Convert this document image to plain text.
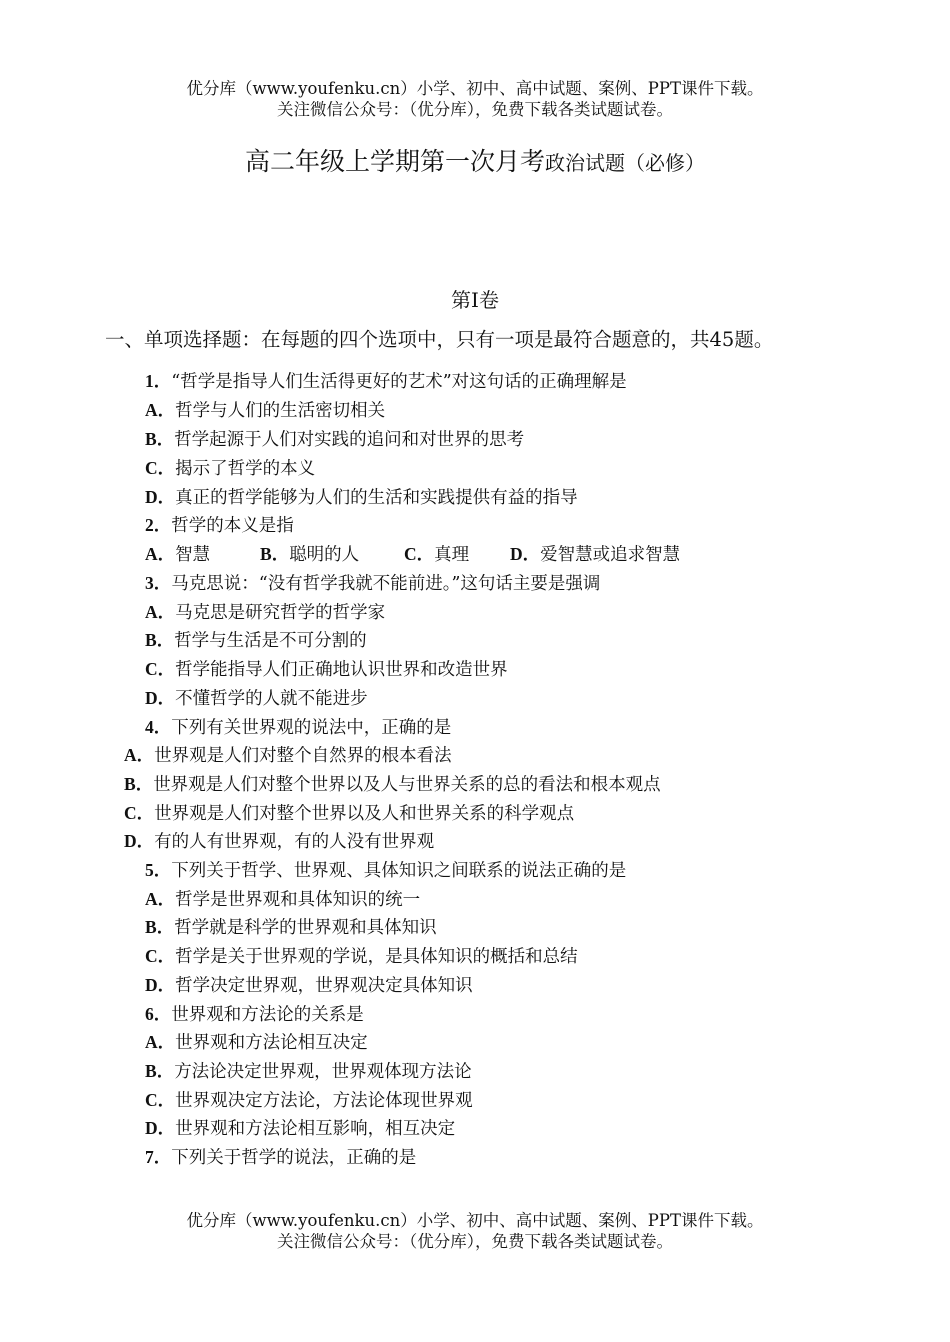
优分库（www.youfenku.cn）小学、初中、高中试题、案例、PPT课件下载。
关注微信公众号：（优分库），免费下载各类试题试卷。
高二年级上学期第一次月考政治试题（必修）
第Ⅰ卷
一、单项选择题：在每题的四个选项中，只有一项是最符合题意的，共45题。
1．“哲学是指导人们生活得更好的艺术”对这句话的正确理解是
A．哲学与人们的生活密切相关
B．哲学起源于人们对实践的追问和对世界的思考
C．揭示了哲学的本义
D．真正的哲学能够为人们的生活和实践提供有益的指导
2．哲学的本义是指
A．智慧	B．聪明的人	C．真理 D．爱智慧或追求智慧
3．马克思说：“没有哲学我就不能前进。”这句话主要是强调
A．马克思是研究哲学的哲学家
B．哲学与生活是不可分割的
C．哲学能指导人们正确地认识世界和改造世界
D．不懂哲学的人就不能进步
4．下列有关世界观的说法中，正确的是
A．世界观是人们对整个自然界的根本看法
B．世界观是人们对整个世界以及人与世界关系的总的看法和根本观点
C．世界观是人们对整个世界以及人和世界关系的科学观点
D．有的人有世界观，有的人没有世界观
5．下列关于哲学、世界观、具体知识之间联系的说法正确的是
A．哲学是世界观和具体知识的统一
B．哲学就是科学的世界观和具体知识
C．哲学是关于世界观的学说，是具体知识的概括和总结
D．哲学决定世界观，世界观决定具体知识
6．世界观和方法论的关系是
A．世界观和方法论相互决定
B．方法论决定世界观，世界观体现方法论
C．世界观决定方法论，方法论体现世界观
D．世界观和方法论相互影响，相互决定
7．下列关于哲学的说法，正确的是
优分库（www.youfenku.cn）小学、初中、高中试题、案例、PPT课件下载。
关注微信公众号：（优分库），免费下载各类试题试卷。
